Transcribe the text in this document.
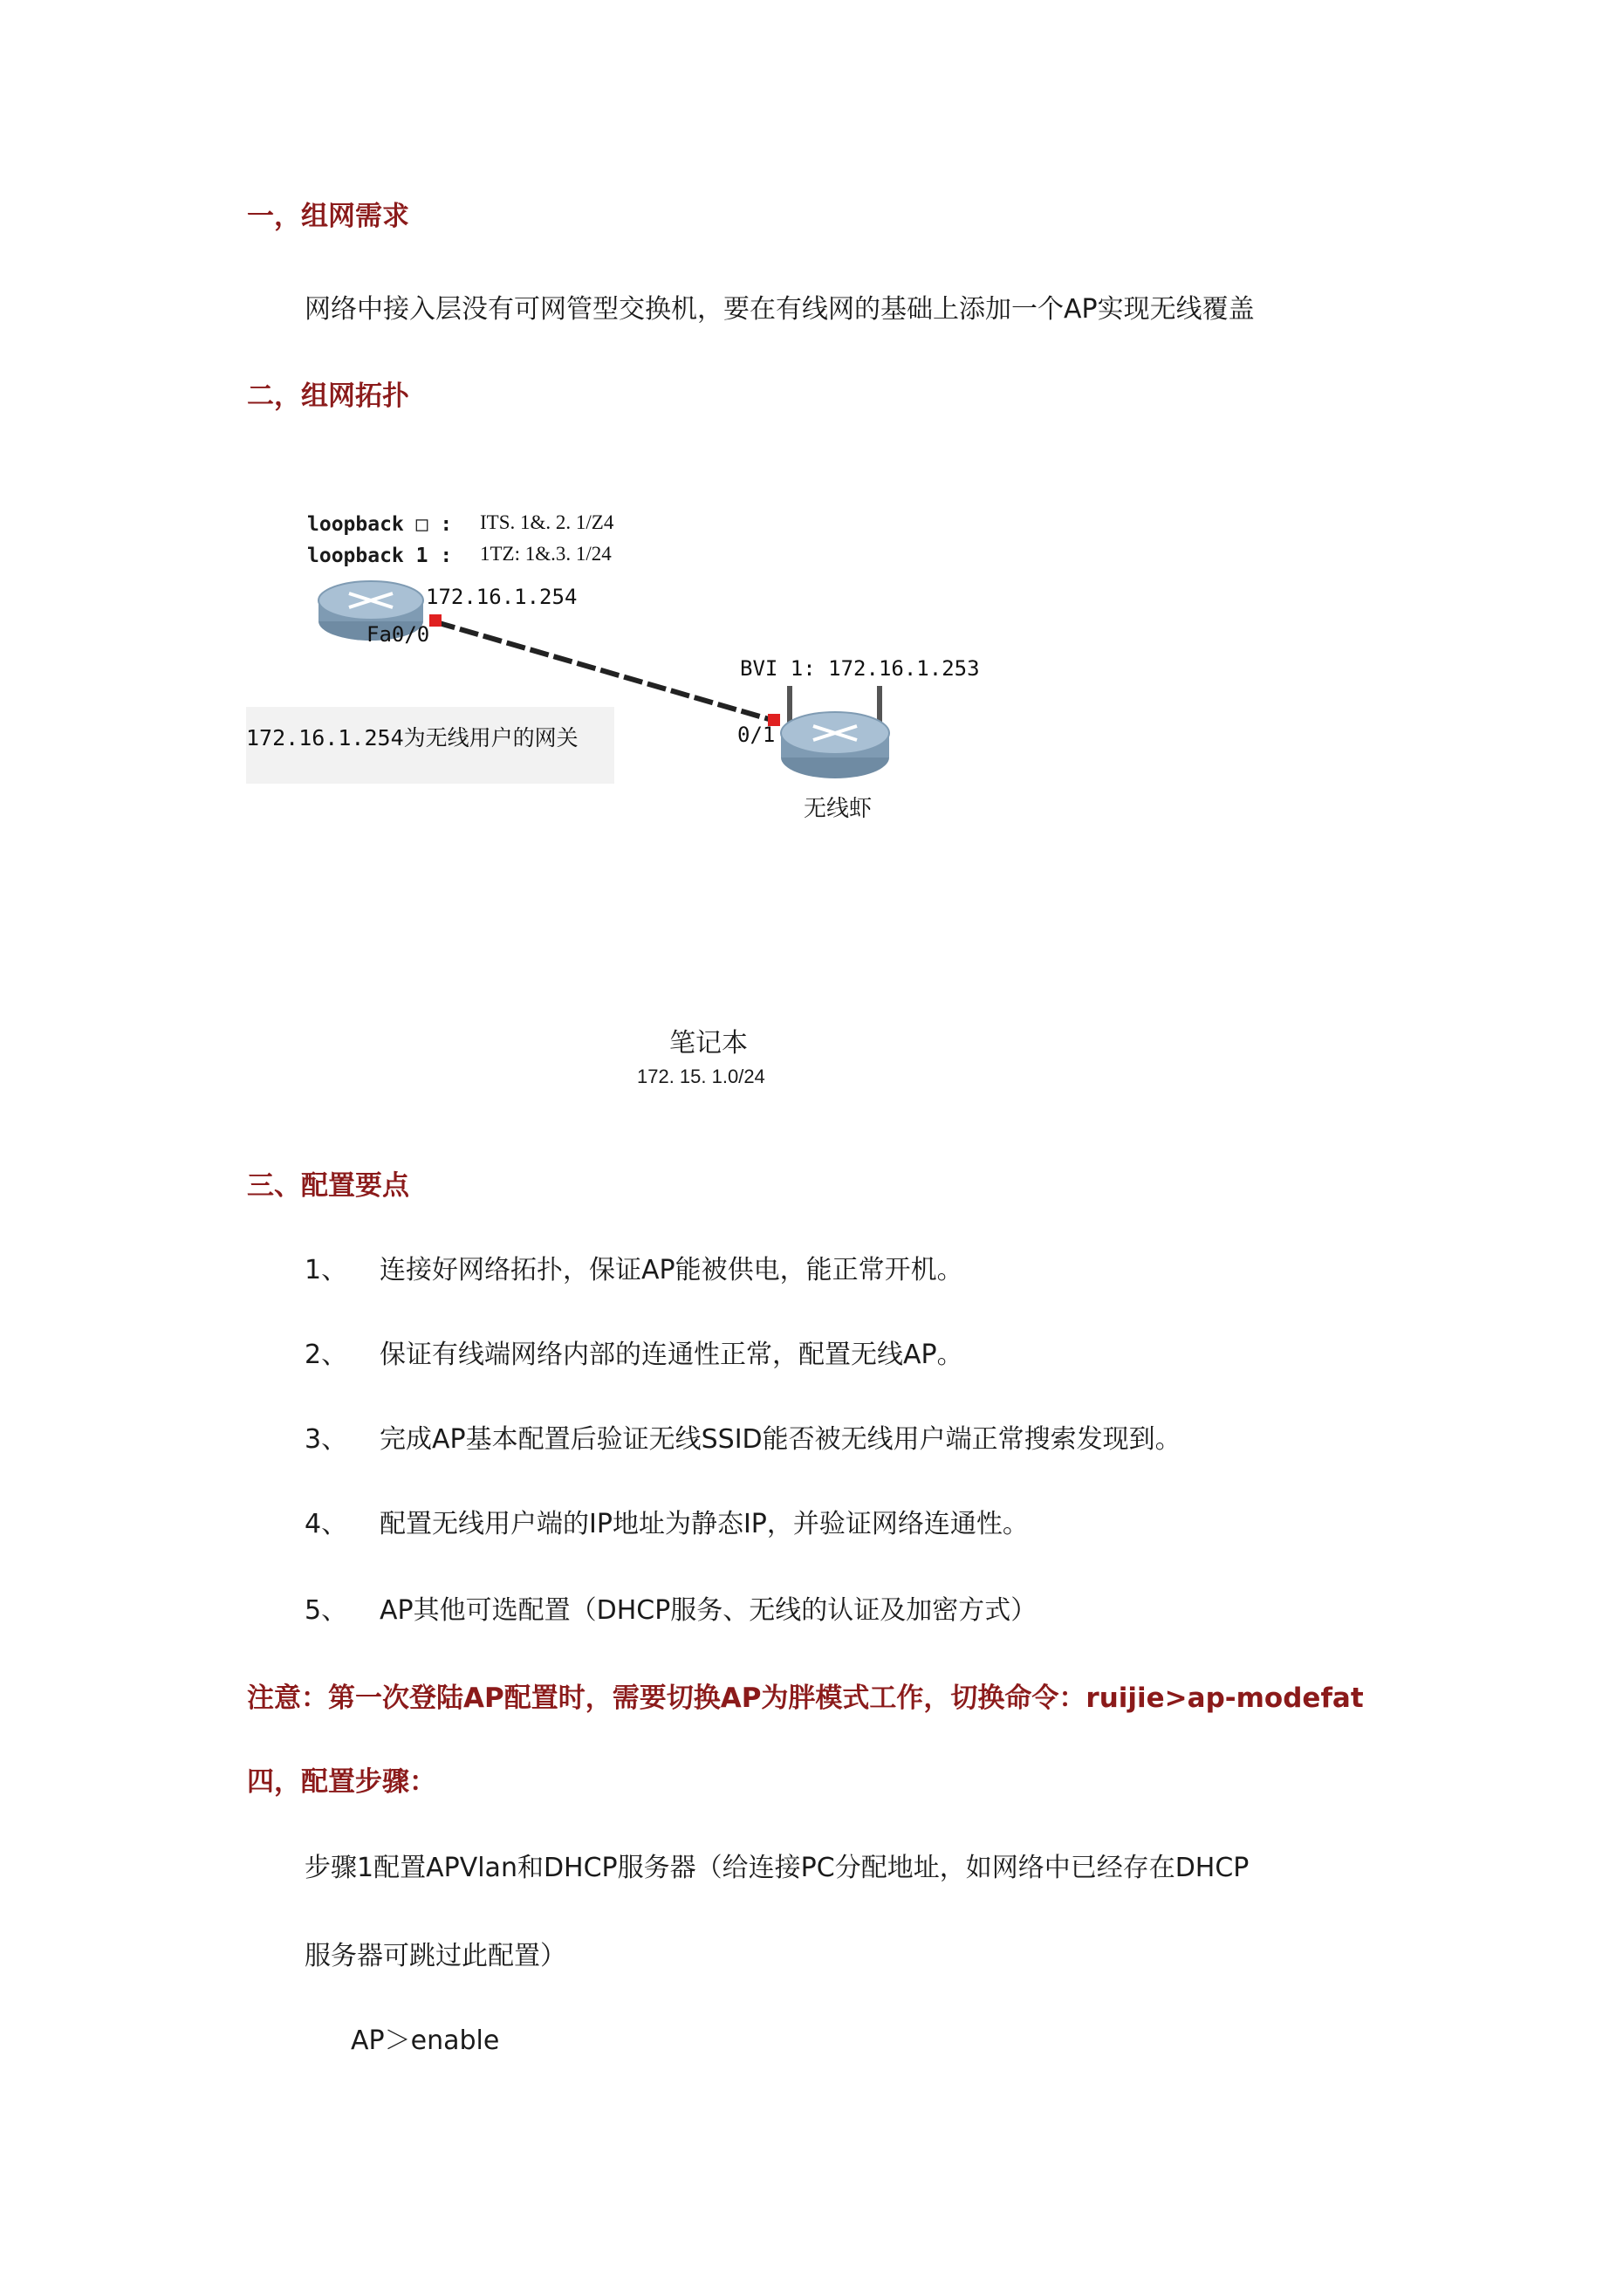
一，组网需求
网络中接入层没有可网管型交换机，要在有线网的基础上添加一个AP实现无线覆盖
二，组网拓扑
loopback □ : ITS. 1&. 2. 1/Z4
loopback 1 : 1TZ: 1&.3. 1/24
172.16.1.254
Fa0/0
BVI 1: 172.16.1.253
0/1
172.16.1.254为无线用户的网关
无线虾
笔记本
172. 15. 1.0/24
三、配置要点
1、 连接好网络拓扑，保证AP能被供电，能正常开机。
2、 保证有线端网络内部的连通性正常，配置无线AP。
3、 完成AP基本配置后验证无线SSID能否被无线用户端正常搜索发现到。
4、 配置无线用户端的IP地址为静态IP，并验证网络连通性。
5、 AP其他可选配置（DHCP服务、无线的认证及加密方式）
注意：第一次登陆AP配置时，需要切换AP为胖模式工作，切换命令：ruijie>ap-modefat
四，配置步骤：
步骤1配置APVlan和DHCP服务器（给连接PC分配地址，如网络中已经存在DHCP
服务器可跳过此配置）
AP＞enable
